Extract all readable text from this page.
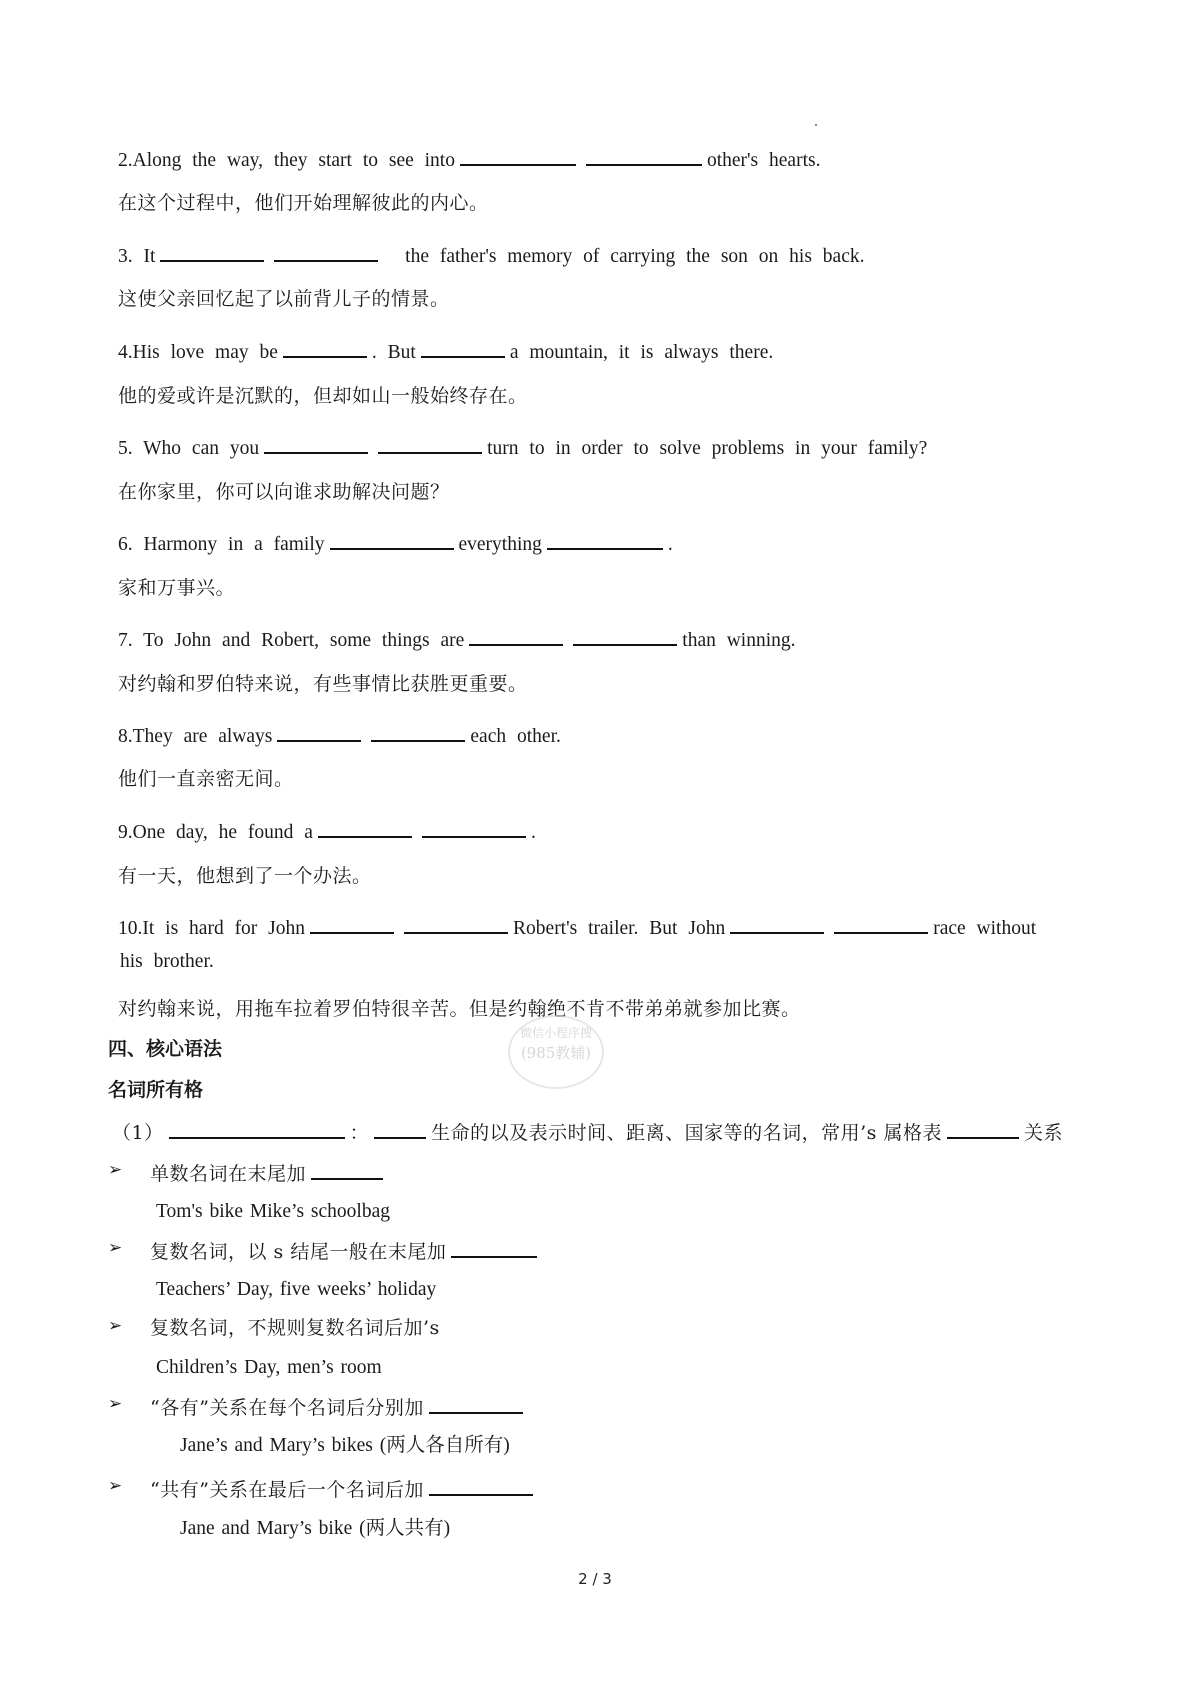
2.Along the way, they start to see into	other's hearts.
在这个过程中，他们开始理解彼此的内心。
3. It	the father's memory of carrying the son on his back.
这使父亲回忆起了以前背儿子的情景。
4.His love may be	. But	a mountain, it is always there.
他的爱或许是沉默的，但却如山一般始终存在。
5. Who can you	turn to in order to solve problems in your family?
在你家里，你可以向谁求助解决问题？
6. Harmony in a family	everything	.
家和万事兴。
7. To John and Robert, some things are	than winning.
对约翰和罗伯特来说，有些事情比获胜更重要。
8.They are always	each other.
他们一直亲密无间。
9.One day, he found a	.
有一天，他想到了一个办法。
10.It is hard for John	Robert's trailer. But John	race without
his brother.
对约翰来说，用拖车拉着罗伯特很辛苦。但是约翰绝不肯不带弟弟就参加比赛。
微信小程序搜
(985教辅)
四、核心语法
名词所有格
（1）	：	生命的以及表示时间、距离、国家等的名词，常用’s 属格表	关系
➢ 单数名词在末尾加
Tom's bike Mike’s schoolbag
➢ 复数名词，以 s 结尾一般在末尾加
Teachers’ Day, five weeks’ holiday
➢ 复数名词，不规则复数名词后加’s
Children’s Day, men’s room
➢ “各有”关系在每个名词后分别加
Jane’s and Mary’s bikes (两人各自所有)
➢ “共有”关系在最后一个名词后加
Jane and Mary’s bike (两人共有)
2 / 3
